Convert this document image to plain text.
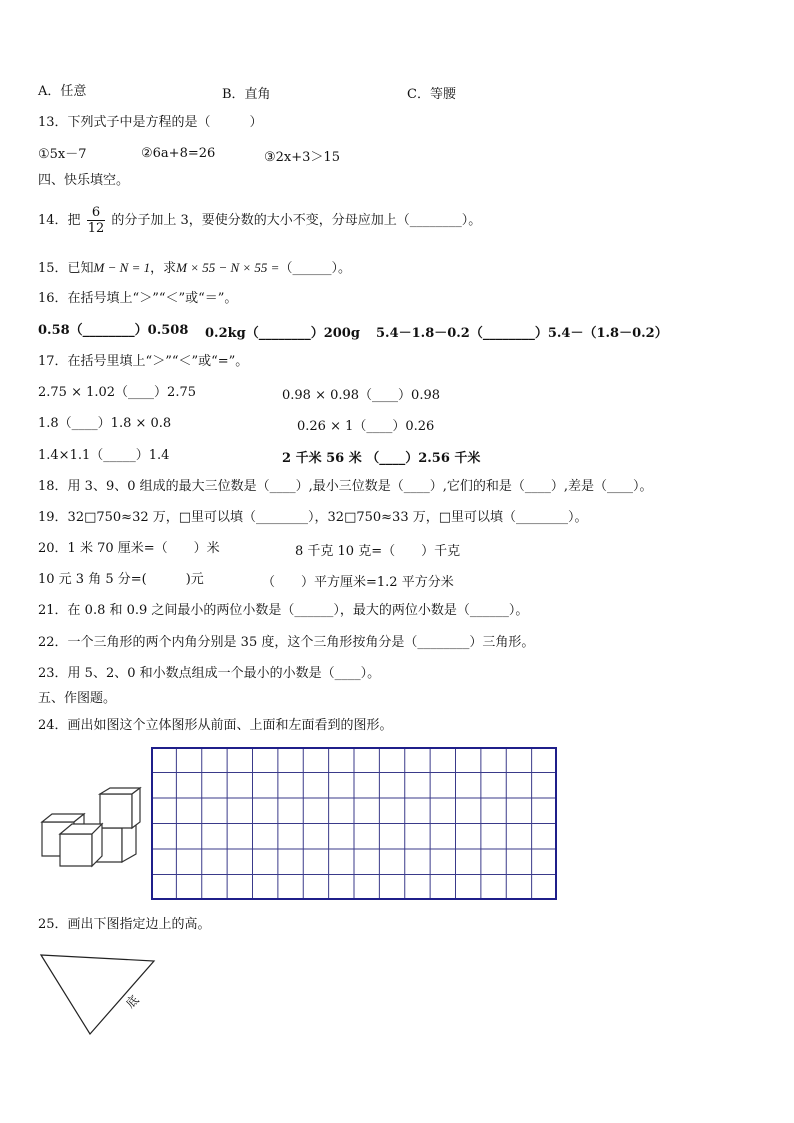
A．任意	B．直角	C．等腰
13．下列式子中是方程的是（　　　）
①5x－7	②6a+8=26	③2x+3＞15
四、快乐填空。
14．把 $\frac{6}{12}$ 的分子加上 3，要使分数的大小不变，分母应加上（________）。
15．已知M − N = 1，求M × 55 − N × 55 =（______）。
16．在括号填上“＞”“＜”或“＝”。
0.58（________）0.508 0.2kg（________）200g 5.4－1.8－0.2（________）5.4－（1.8－0.2）
17．在括号里填上“＞”“＜”或“=”。
2.75 × 1.02（____）2.75	0.98 × 0.98（____）0.98
1.8（____）1.8 × 0.8	0.26 × 1（____）0.26
1.4×1.1（_____）1.4	2 千米 56 米 （____）2.56 千米
18．用 3、9、0 组成的最大三位数是（____）,最小三位数是（____）,它们的和是（____）,差是（____）。
19．32□750≈32 万，□里可以填（________），32□750≈33 万，□里可以填（________）。
20．1 米 70 厘米=（　　）米	8 千克 10 克=（　　）千克
10 元 3 角 5 分=(　　　)元	（　　）平方厘米=1.2 平方分米
21．在 0.8 和 0.9 之间最小的两位小数是（______），最大的两位小数是（______）。
22．一个三角形的两个内角分别是 35 度，这个三角形按角分是（________）三角形。
23．用 5、2、0 和小数点组成一个最小的小数是（____）。
五、作图题。
24．画出如图这个立体图形从前面、上面和左面看到的图形。
25．画出下图指定边上的高。
底
